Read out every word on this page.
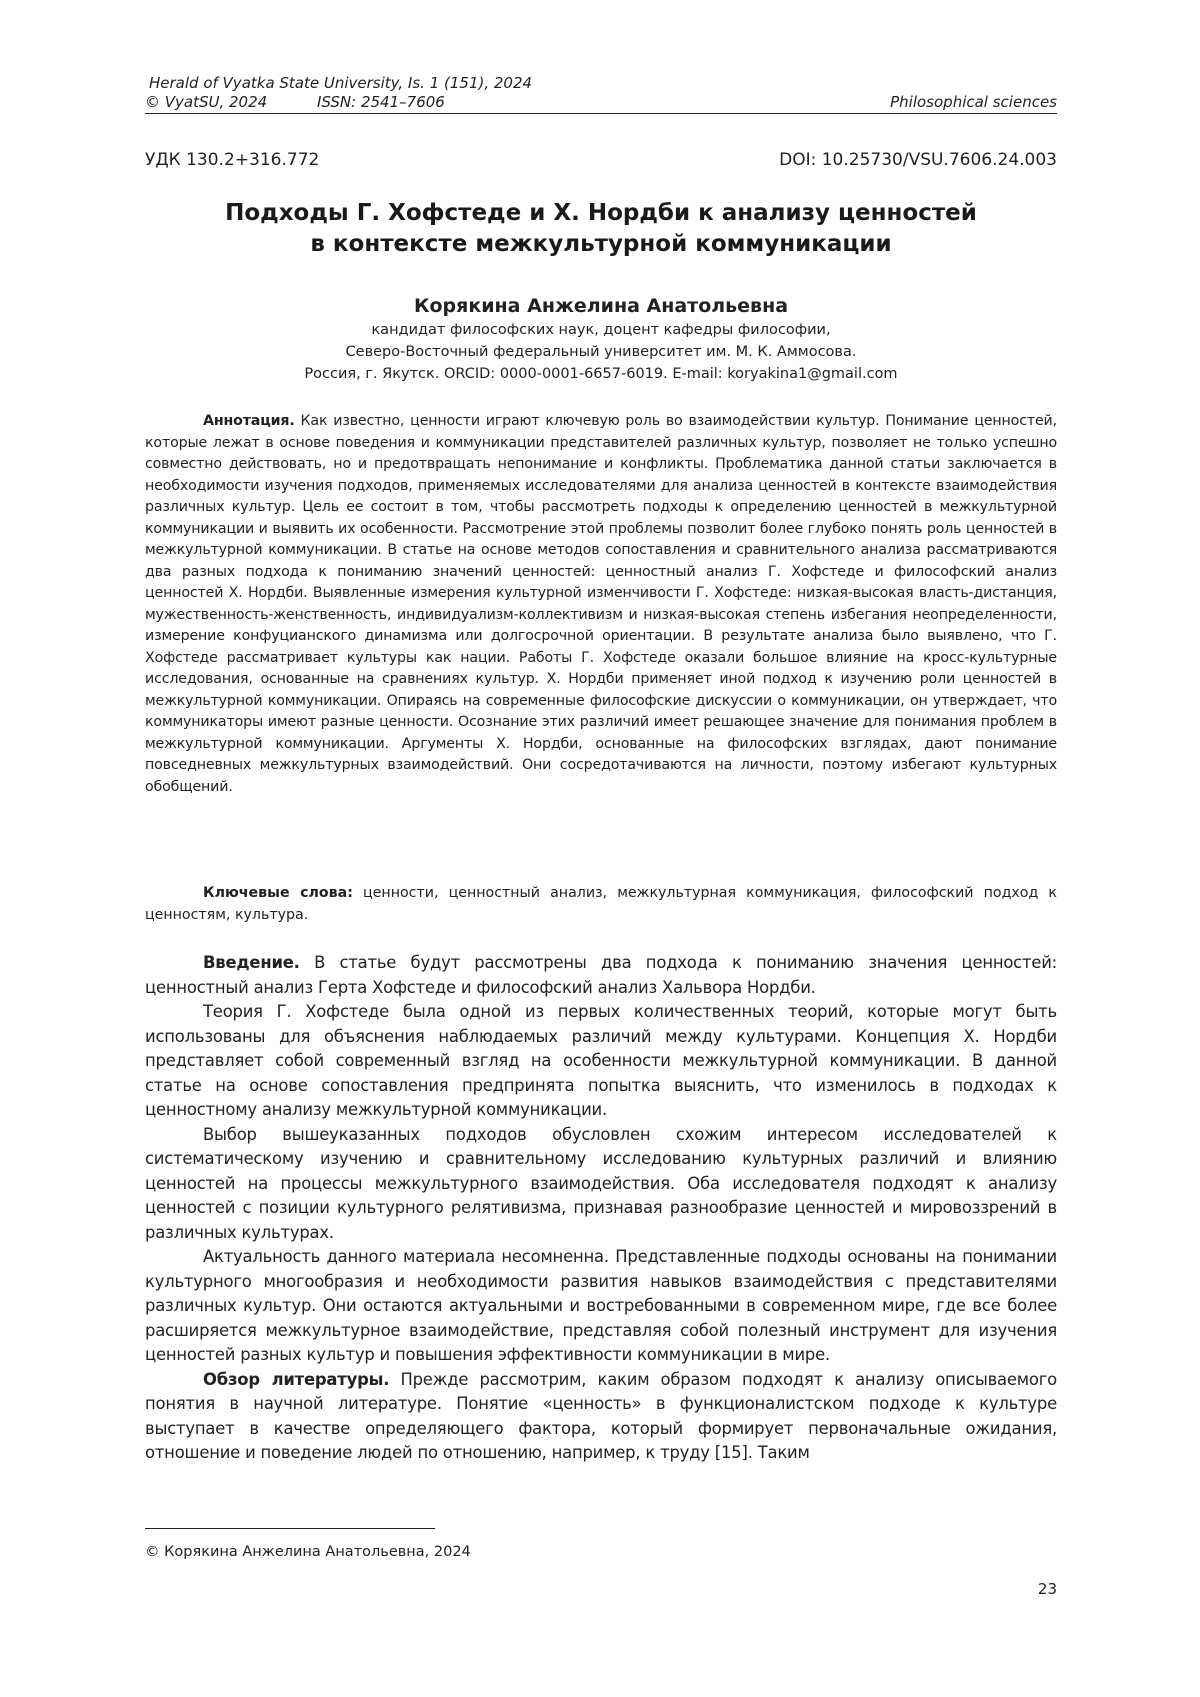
Herald of Vyatka State University, Is. 1 (151), 2024
© VyatSU, 2024	ISSN: 2541–7606	Philosophical sciences
УДК 130.2+316.772	DOI: 10.25730/VSU.7606.24.003
Подходы Г. Хофстеде и Х. Нордби к анализу ценностей
в контексте межкультурной коммуникации
Корякина Анжелина Анатольевна
кандидат философских наук, доцент кафедры философии,
Северо-Восточный федеральный университет им. М. К. Аммосова.
Россия, г. Якутск. ORCID: 0000-0001-6657-6019. E-mail: koryakina1@gmail.com
Аннотация. Как известно, ценности играют ключевую роль во взаимодействии культур. Понимание ценностей, которые лежат в основе поведения и коммуникации представителей различных культур, позволяет не только успешно совместно действовать, но и предотвращать непонимание и конфликты. Проблематика данной статьи заключается в необходимости изучения подходов, применяемых исследователями для анализа ценностей в контексте взаимодействия различных культур. Цель ее состоит в том, чтобы рассмотреть подходы к определению ценностей в межкультурной коммуникации и выявить их особенности. Рассмотрение этой проблемы позволит более глубоко понять роль ценностей в межкультурной коммуникации. В статье на основе методов сопоставления и сравнительного анализа рассматриваются два разных подхода к пониманию значений ценностей: ценностный анализ Г. Хофстеде и философский анализ ценностей Х. Нордби. Выявленные измерения культурной изменчивости Г. Хофстеде: низкая-высокая власть-дистанция, мужественность-женственность, индивидуализм-коллективизм и низкая-высокая степень избегания неопределенности, измерение конфуцианского динамизма или долгосрочной ориентации. В результате анализа было выявлено, что Г. Хофстеде рассматривает культуры как нации. Работы Г. Хофстеде оказали большое влияние на кросс-культурные исследования, основанные на сравнениях культур. Х. Нордби применяет иной подход к изучению роли ценностей в межкультурной коммуникации. Опираясь на современные философские дискуссии о коммуникации, он утверждает, что коммуникаторы имеют разные ценности. Осознание этих различий имеет решающее значение для понимания проблем в межкультурной коммуникации. Аргументы Х. Нордби, основанные на философских взглядах, дают понимание повседневных межкультурных взаимодействий. Они сосредотачиваются на личности, поэтому избегают культурных обобщений.
Ключевые слова: ценности, ценностный анализ, межкультурная коммуникация, философский подход к ценностям, культура.

Введение. В статье будут рассмотрены два подхода к пониманию значения ценностей: ценностный анализ Герта Хофстеде и философский анализ Хальвора Нордби.

Теория Г. Хофстеде была одной из первых количественных теорий, которые могут быть использованы для объяснения наблюдаемых различий между культурами. Концепция Х. Нордби представляет собой современный взгляд на особенности межкультурной коммуникации. В данной статье на основе сопоставления предпринята попытка выяснить, что изменилось в подходах к ценностному анализу межкультурной коммуникации.

Выбор вышеуказанных подходов обусловлен схожим интересом исследователей к систематическому изучению и сравнительному исследованию культурных различий и влиянию ценностей на процессы межкультурного взаимодействия. Оба исследователя подходят к анализу ценностей с позиции культурного релятивизма, признавая разнообразие ценностей и мировоззрений в различных культурах.

Актуальность данного материала несомненна. Представленные подходы основаны на понимании культурного многообразия и необходимости развития навыков взаимодействия с представителями различных культур. Они остаются актуальными и востребованными в современном мире, где все более расширяется межкультурное взаимодействие, представляя собой полезный инструмент для изучения ценностей разных культур и повышения эффективности коммуникации в мире.

Обзор литературы. Прежде рассмотрим, каким образом подходят к анализу описываемого понятия в научной литературе. Понятие «ценность» в функционалистском подходе к культуре выступает в качестве определяющего фактора, который формирует первоначальные ожидания, отношение и поведение людей по отношению, например, к труду [15]. Таким

© Корякина Анжелина Анатольевна, 2024
23
